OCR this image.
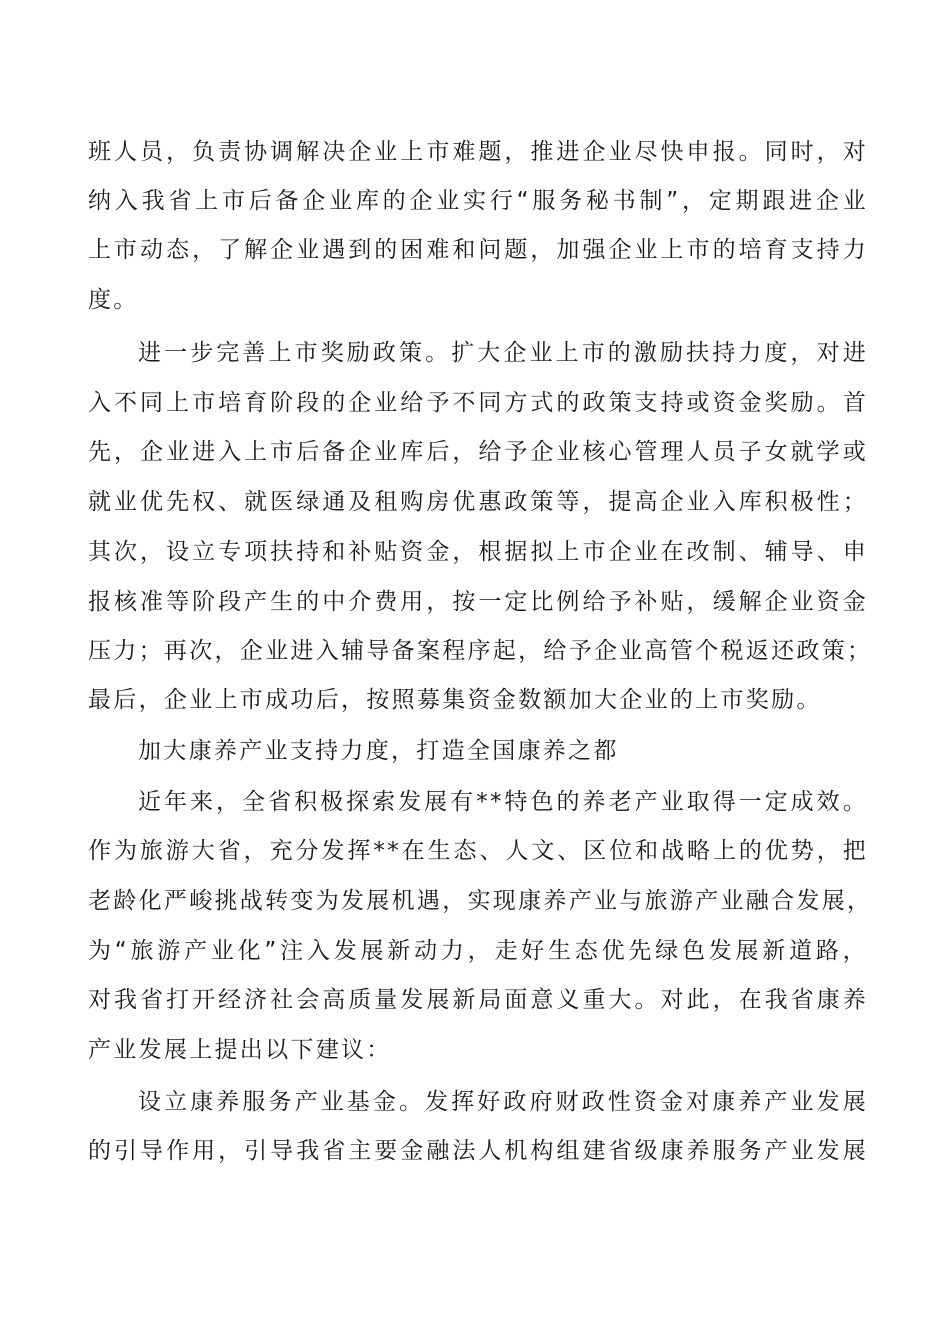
班人员，负责协调解决企业上市难题，推进企业尽快申报。同时，对
纳入我省上市后备企业库的企业实行“服务秘书制”，定期跟进企业
上市动态，了解企业遇到的困难和问题，加强企业上市的培育支持力
度。
进一步完善上市奖励政策。扩大企业上市的激励扶持力度，对进
入不同上市培育阶段的企业给予不同方式的政策支持或资金奖励。首
先，企业进入上市后备企业库后，给予企业核心管理人员子女就学或
就业优先权、就医绿通及租购房优惠政策等，提高企业入库积极性；
其次，设立专项扶持和补贴资金，根据拟上市企业在改制、辅导、申
报核准等阶段产生的中介费用，按一定比例给予补贴，缓解企业资金
压力；再次，企业进入辅导备案程序起，给予企业高管个税返还政策；
最后，企业上市成功后，按照募集资金数额加大企业的上市奖励。
加大康养产业支持力度，打造全国康养之都
近年来，全省积极探索发展有**特色的养老产业取得一定成效。
作为旅游大省，充分发挥**在生态、人文、区位和战略上的优势，把
老龄化严峻挑战转变为发展机遇，实现康养产业与旅游产业融合发展，
为“旅游产业化”注入发展新动力，走好生态优先绿色发展新道路，
对我省打开经济社会高质量发展新局面意义重大。对此，在我省康养
产业发展上提出以下建议：
设立康养服务产业基金。发挥好政府财政性资金对康养产业发展
的引导作用，引导我省主要金融法人机构组建省级康养服务产业发展
